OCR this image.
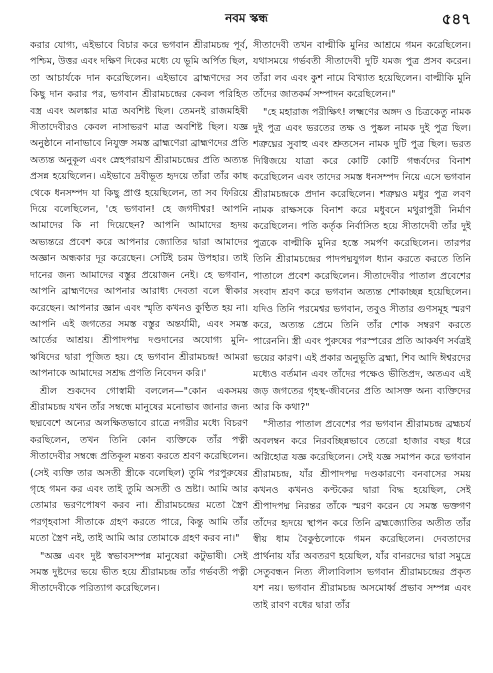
নবম স্কন্ধ	৫৪৭

করার যোগ্য, এইভাবে বিচার করে ভগবান শ্রীরামচন্দ্র পূর্ব, পশ্চিম, উত্তর এবং দক্ষিণ দিকের মধ্যে যে ভূমি অর্পিত ছিল, তা আচার্যকে দান করেছিলেন। এইভাবে ব্রাহ্মণদের সব কিছু দান করার পর, ভগবান শ্রীরামচন্দ্রের কেবল পরিহিত বস্ত্র এবং অলঙ্কার মাত্র অবশিষ্ট ছিল। তেমনই রাজমহিষী সীতাদেবীরও কেবল নাসাভরণ মাত্র অবশিষ্ট ছিল। যজ্ঞ অনুষ্ঠানে নানাভাবে নিযুক্ত সমস্ত ব্রাহ্মণেরা ব্রাহ্মণদের প্রতি অত্যন্ত অনুকূল এবং স্নেহপরায়ণ শ্রীরামচন্দ্রের প্রতি অত্যন্ত প্রসন্ন হয়েছিলেন। এইভাবে দ্রবীভূত হৃদয়ে তাঁরা তাঁর কাছ থেকে ধনসম্পদ যা কিছু প্রাপ্ত হয়েছিলেন, তা সব ফিরিয়ে দিয়ে বলেছিলেন, 'হে ভগবান! হে জগদীশ্বর! আপনি আমাদের কি না দিয়েছেন? আপনি আমাদের হৃদয় অভ্যন্তরে প্রবেশ করে আপনার জ্যোতির দ্বারা আমাদের অজ্ঞান অন্ধকার দূর করেছেন। সেটিই চরম উপহার। তাই দানের জন্য আমাদের বস্তুর প্রয়োজন নেই। হে ভগবান, আপনি ব্রাহ্মণদের আপনার আরাধ্য দেবতা বলে স্বীকার করেছেন। আপনার জ্ঞান এবং স্মৃতি কখনও কুণ্ঠিত হয় না। আপনি এই জগতের সমস্ত বস্তুর অন্তর্যামী, এবং সমস্ত আর্তের আশ্রয়। শ্রীপাদপদ্ম দণ্ডদানের অযোগ্য মুনি-ঋষিদের দ্বারা পূজিত হয়। হে ভগবান শ্রীরামচন্দ্র! আমরা আপনাকে আমাদের সশ্রদ্ধ প্রণতি নিবেদন করি।'

শ্রীল শুকদেব গোস্বামী বললেন—"কোন একসময় শ্রীরামচন্দ্র যখন তাঁর সম্বন্ধে মানুষের মনোভাব জানার জন্য ছদ্মবেশে অন্যের অলক্ষিতভাবে রাত্রে নগরীর মধ্যে বিচরণ করছিলেন, তখন তিনি কোন ব্যক্তিকে তাঁর পত্নী সীতাদেবীর সম্বন্ধে প্রতিকূল মন্তব্য করতে শ্রবণ করেছিলেন। (সেই ব্যক্তি তার অসতী স্ত্রীকে বলেছিল) তুমি পরপুরুষের গৃহে গমন কর এবং তাই তুমি অসতী ও ভ্রষ্টা। আমি আর তোমার ভরণপোষণ করব না। শ্রীরামচন্দ্রের মতো স্ত্রৈণ পরগৃহবাসা সীতাকে গ্রহণ করতে পারে, কিন্তু আমি তাঁর মতো স্ত্রৈণ নই, তাই আমি আর তোমাকে গ্রহণ করব না।"

"অজ্ঞ এবং দুষ্ট স্বভাবসম্পন্ন মানুষেরা কটুভাষী। সেই সমস্ত দুষ্টদের ভয়ে ভীত হয়ে শ্রীরামচন্দ্র তাঁর গর্ভবতী পত্নী সীতাদেবীকে পরিত্যাগ করেছিলেন।

সীতাদেবী তখন বাল্মীকি মুনির আশ্রমে গমন করেছিলেন। যথাসময়ে গর্ভবতী সীতাদেবী দুটি যমজ পুত্র প্রসব করেন। তাঁরা লব এবং কুশ নামে বিখ্যাত হয়েছিলেন। বাল্মীকি মুনি তাঁদের জাতকর্ম সম্পাদন করেছিলেন।"

"হে মহারাজ পরীক্ষিৎ! লক্ষ্মণের অঙ্গদ ও চিত্রকেতু নামক দুই পুত্র এবং ভরতের তক্ষ ও পুষ্কল নামক দুই পুত্র ছিল। শত্রুঘ্নের সুবাহু এবং শ্রুতসেন নামক দুটি পুত্র ছিল। ভরত দিগ্বিজয়ে যাত্রা করে কোটি কোটি গন্ধর্বদের বিনাশ করেছিলেন এবং তাদের সমস্ত ধনসম্পদ নিয়ে এসে ভগবান শ্রীরামচন্দ্রকে প্রদান করেছিলেন। শত্রুঘ্নও মধুর পুত্র লবণ নামক রাক্ষসকে বিনাশ করে মধুবনে মথুরাপুরী নির্মাণ করেছিলেন। পতি কর্তৃক নির্বাসিত হয়ে সীতাদেবী তাঁর দুই পুত্রকে বাল্মীকি মুনির হস্তে সমর্পণ করেছিলেন। তারপর তিনি শ্রীরামচন্দ্রের পাদপদ্মযুগল ধ্যান করতে করতে তিনি পাতালে প্রবেশ করেছিলেন। সীতাদেবীর পাতাল প্রবেশের সংবাদ শ্রবণ করে ভগবান অত্যন্ত শোকাচ্ছন্ন হয়েছিলেন। যদিও তিনি পরমেশ্বর ভগবান, তবুও সীতার গুণসমূহ স্মরণ করে, অত্যন্ত প্রেমে তিনি তাঁর শোক সম্বরণ করতে পারেননি। স্ত্রী এবং পুরুষের পরস্পরের প্রতি আকর্ষণ সর্বত্রই ভয়ের কারণ। এই প্রকার অনুভূতি ব্রহ্মা, শিব আদি ঈশ্বরদের মধ্যেও বর্তমান এবং তাঁদের পক্ষেও ভীতিপ্রদ, অতএব এই জড় জগতের গৃহস্থ-জীবনের প্রতি আসক্ত অন্য ব্যক্তিদের আর কি কথা?"

"সীতার পাতাল প্রবেশের পর ভগবান শ্রীরামচন্দ্র ব্রহ্মচর্য অবলম্বন করে নিরবচ্ছিন্নভাবে তেরো হাজার বছর ধরে অগ্নিহোত্র যজ্ঞ করেছিলেন। সেই যজ্ঞ সমাপন করে ভগবান শ্রীরামচন্দ্র, যাঁর শ্রীপাদপদ্ম দণ্ডকারণ্যে বনবাসের সময় কখনও কখনও কণ্টকের দ্বারা বিদ্ধ হয়েছিল, সেই শ্রীপাদপদ্ম নিরন্তর তাঁকে স্মরণ করেন যে সমস্ত ভক্তগণ তাঁদের হৃদয়ে স্থাপন করে তিনি ব্রহ্মজ্যোতির অতীত তাঁর স্বীয় ধাম বৈকুণ্ঠলোকে গমন করেছিলেন। দেবতাদের প্রার্থনায় যাঁর অবতরণ হয়েছিল, যাঁর বানরদের দ্বারা সমুদ্রে সেতুবন্ধন নিত্য লীলাবিলাস ভগবান শ্রীরামচন্দ্রের প্রকৃত যশ নয়। ভগবান শ্রীরামচন্দ্র অসমোর্ধ্ব প্রভাব সম্পন্ন এবং তাই রাবণ বধের দ্বারা তাঁর
